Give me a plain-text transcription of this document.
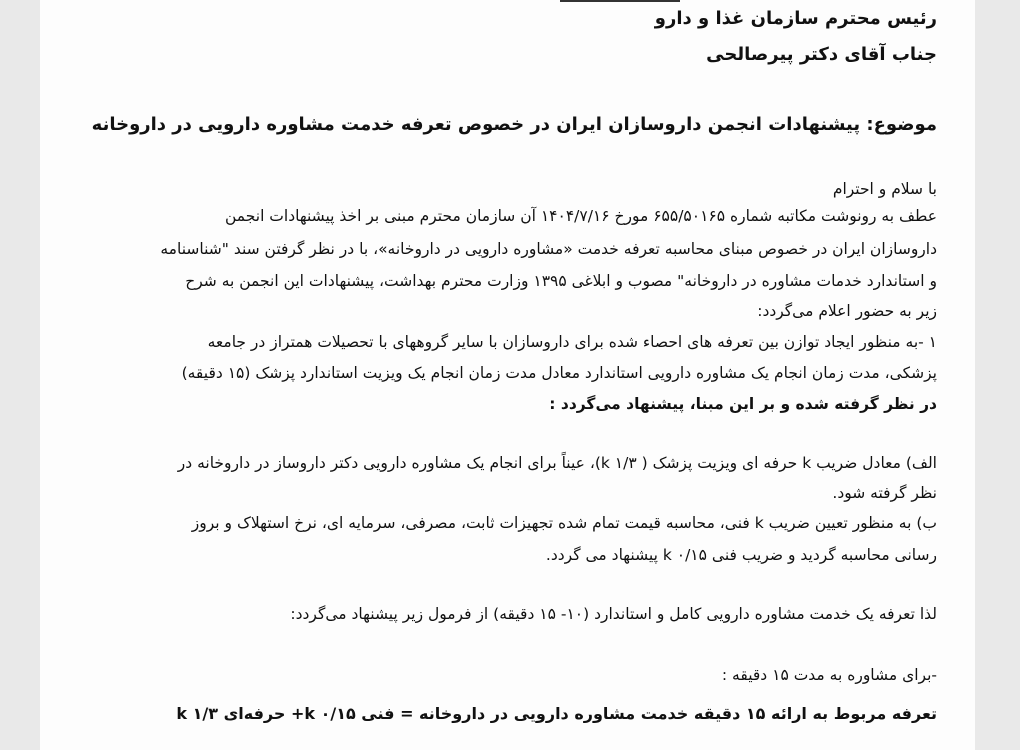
رئیس محترم سازمان غذا و دارو

جناب آقای دکتر پیرصالحی

موضوع: پیشنهادات انجمن داروسازان ایران در خصوص تعرفه خدمت مشاوره دارویی در داروخانه

با سلام و احترام

عطف به رونوشت مکاتبه شماره ۶۵۵/۵۰۱۶۵ مورخ ۱۴۰۴/۷/۱۶ آن سازمان محترم مبنی بر اخذ پیشنهادات انجمن

داروسازان ایران در خصوص مبنای محاسبه تعرفه خدمت «مشاوره دارویی در داروخانه»، با در نظر گرفتن سند "شناسنامه

و استاندارد خدمات مشاوره در داروخانه" مصوب و ابلاغی ۱۳۹۵ وزارت محترم بهداشت، پیشنهادات این انجمن به شرح

زیر به حضور اعلام می‌گردد:

۱ -به منظور ایجاد توازن بین تعرفه های احصاء شده برای داروسازان با سایر گروههای با تحصیلات همتراز در جامعه

پزشکی، مدت زمان انجام یک مشاوره دارویی استاندارد معادل مدت زمان انجام یک ویزیت استاندارد پزشک (۱۵ دقیقه)

در نظر گرفته شده و بر این مبنا، پیشنهاد می‌گردد :

الف) معادل ضریب k حرفه ای ویزیت پزشک ( k ۱/۳)، عیناً برای انجام یک مشاوره دارویی دکتر داروساز در داروخانه در

نظر گرفته شود.

ب) به منظور تعیین ضریب k فنی، محاسبه قیمت تمام شده تجهیزات ثابت، مصرفی، سرمایه ای، نرخ استهلاک و بروز

رسانی محاسبه گردید و ضریب فنی k ۰/۱۵ پیشنهاد می گردد.

لذا تعرفه یک خدمت مشاوره دارویی کامل و استاندارد (۱۰- ۱۵ دقیقه) از فرمول زیر پیشنهاد می‌گردد:

-برای مشاوره به مدت ۱۵ دقیقه :

تعرفه مربوط به ارائه ۱۵ دقیقه خدمت مشاوره دارویی در داروخانه = فنی k ۰/۱۵+ حرفه‌ای k ۱/۳
